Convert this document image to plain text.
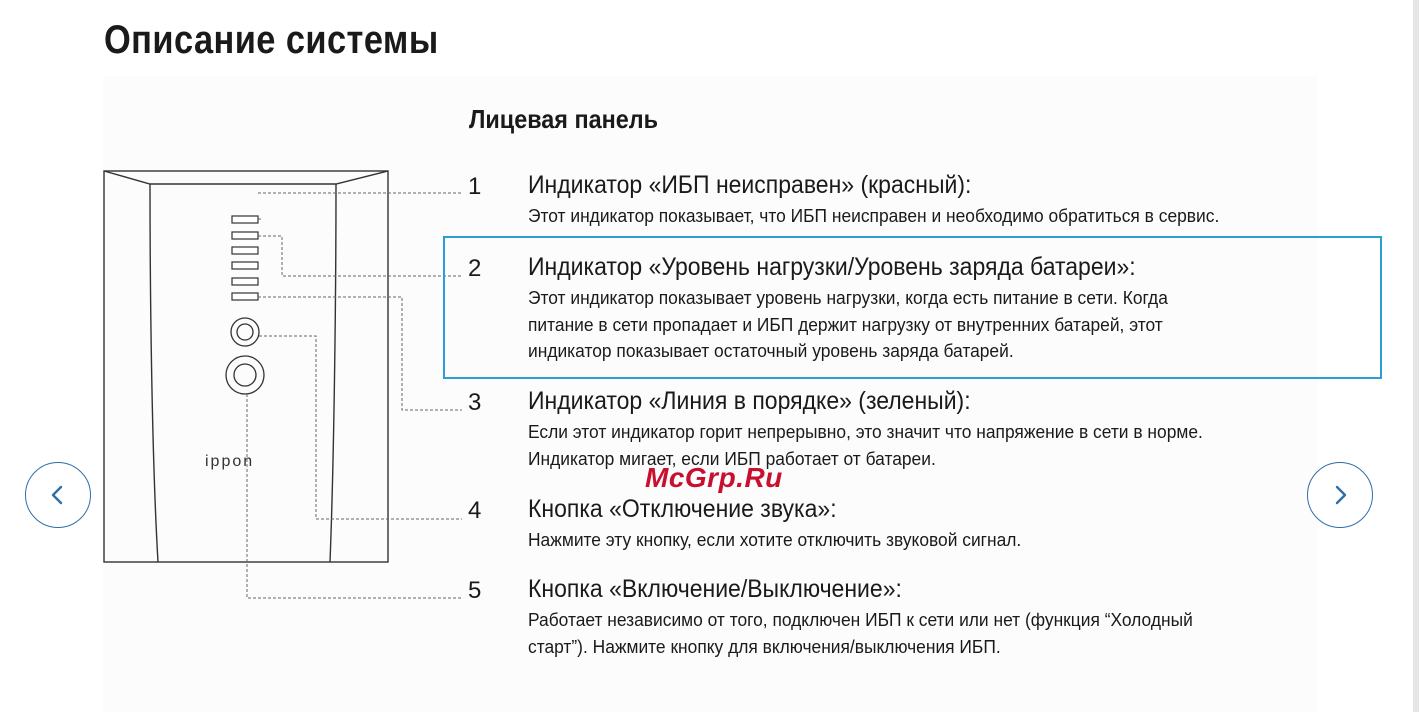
Описание системы
Лицевая панель
ippon
1 Индикатор «ИБП неисправен» (красный):
Этот индикатор показывает, что ИБП неисправен и необходимо обратиться в сервис.
2 Индикатор «Уровень нагрузки/Уровень заряда батареи»:
Этот индикатор показывает уровень нагрузки, когда есть питание в сети. Когда
питание в сети пропадает и ИБП держит нагрузку от внутренних батарей, этот
индикатор показывает остаточный уровень заряда батарей.
3 Индикатор «Линия в порядке» (зеленый):
Если этот индикатор горит непрерывно, это значит что напряжение в сети в норме.
Индикатор мигает, если ИБП работает от батареи.
4 Кнопка «Отключение звука»:
Нажмите эту кнопку, если хотите отключить звуковой сигнал.
5 Кнопка «Включение/Выключение»:
Работает независимо от того, подключен ИБП к сети или нет (функция “Холодный
старт”). Нажмите кнопку для включения/выключения ИБП.
McGrp.Ru
